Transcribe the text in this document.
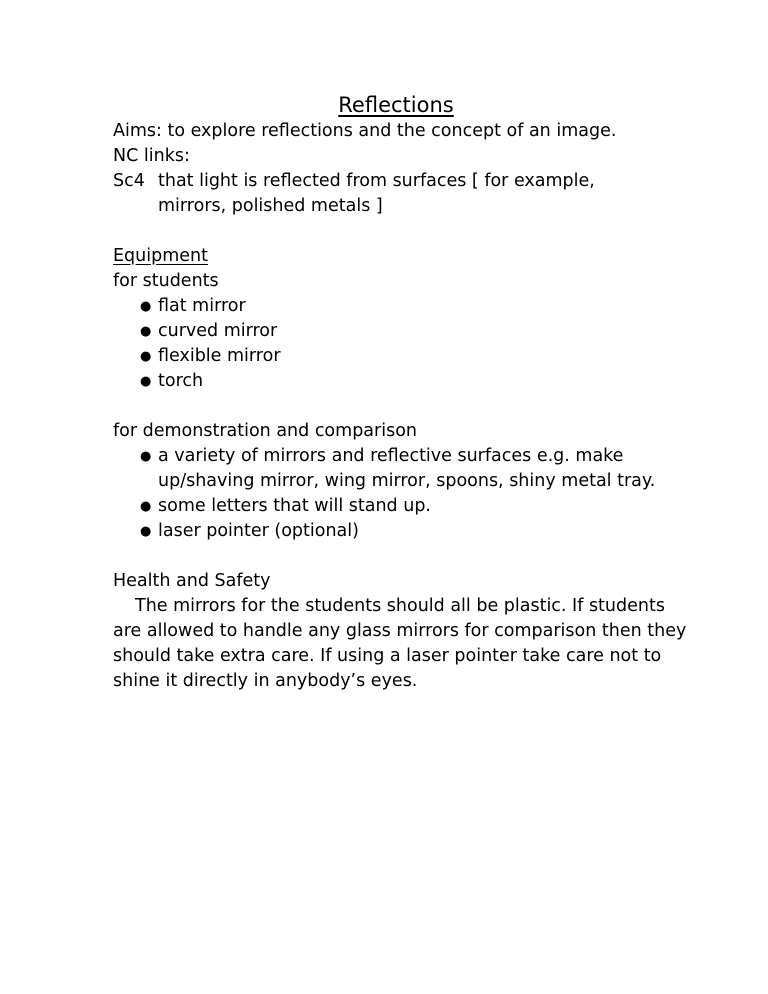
Reflections
Aims: to explore reflections and the concept of an image.
NC links:
Sc4 that light is reflected from surfaces [ for example,
mirrors, polished metals ]
Equipment
for students
● flat mirror
● curved mirror
● flexible mirror
● torch
for demonstration and comparison
● a variety of mirrors and reflective surfaces e.g. make
up/shaving mirror, wing mirror, spoons, shiny metal tray.
● some letters that will stand up.
● laser pointer (optional)
Health and Safety
The mirrors for the students should all be plastic. If students
are allowed to handle any glass mirrors for comparison then they
should take extra care. If using a laser pointer take care not to
shine it directly in anybody’s eyes.
